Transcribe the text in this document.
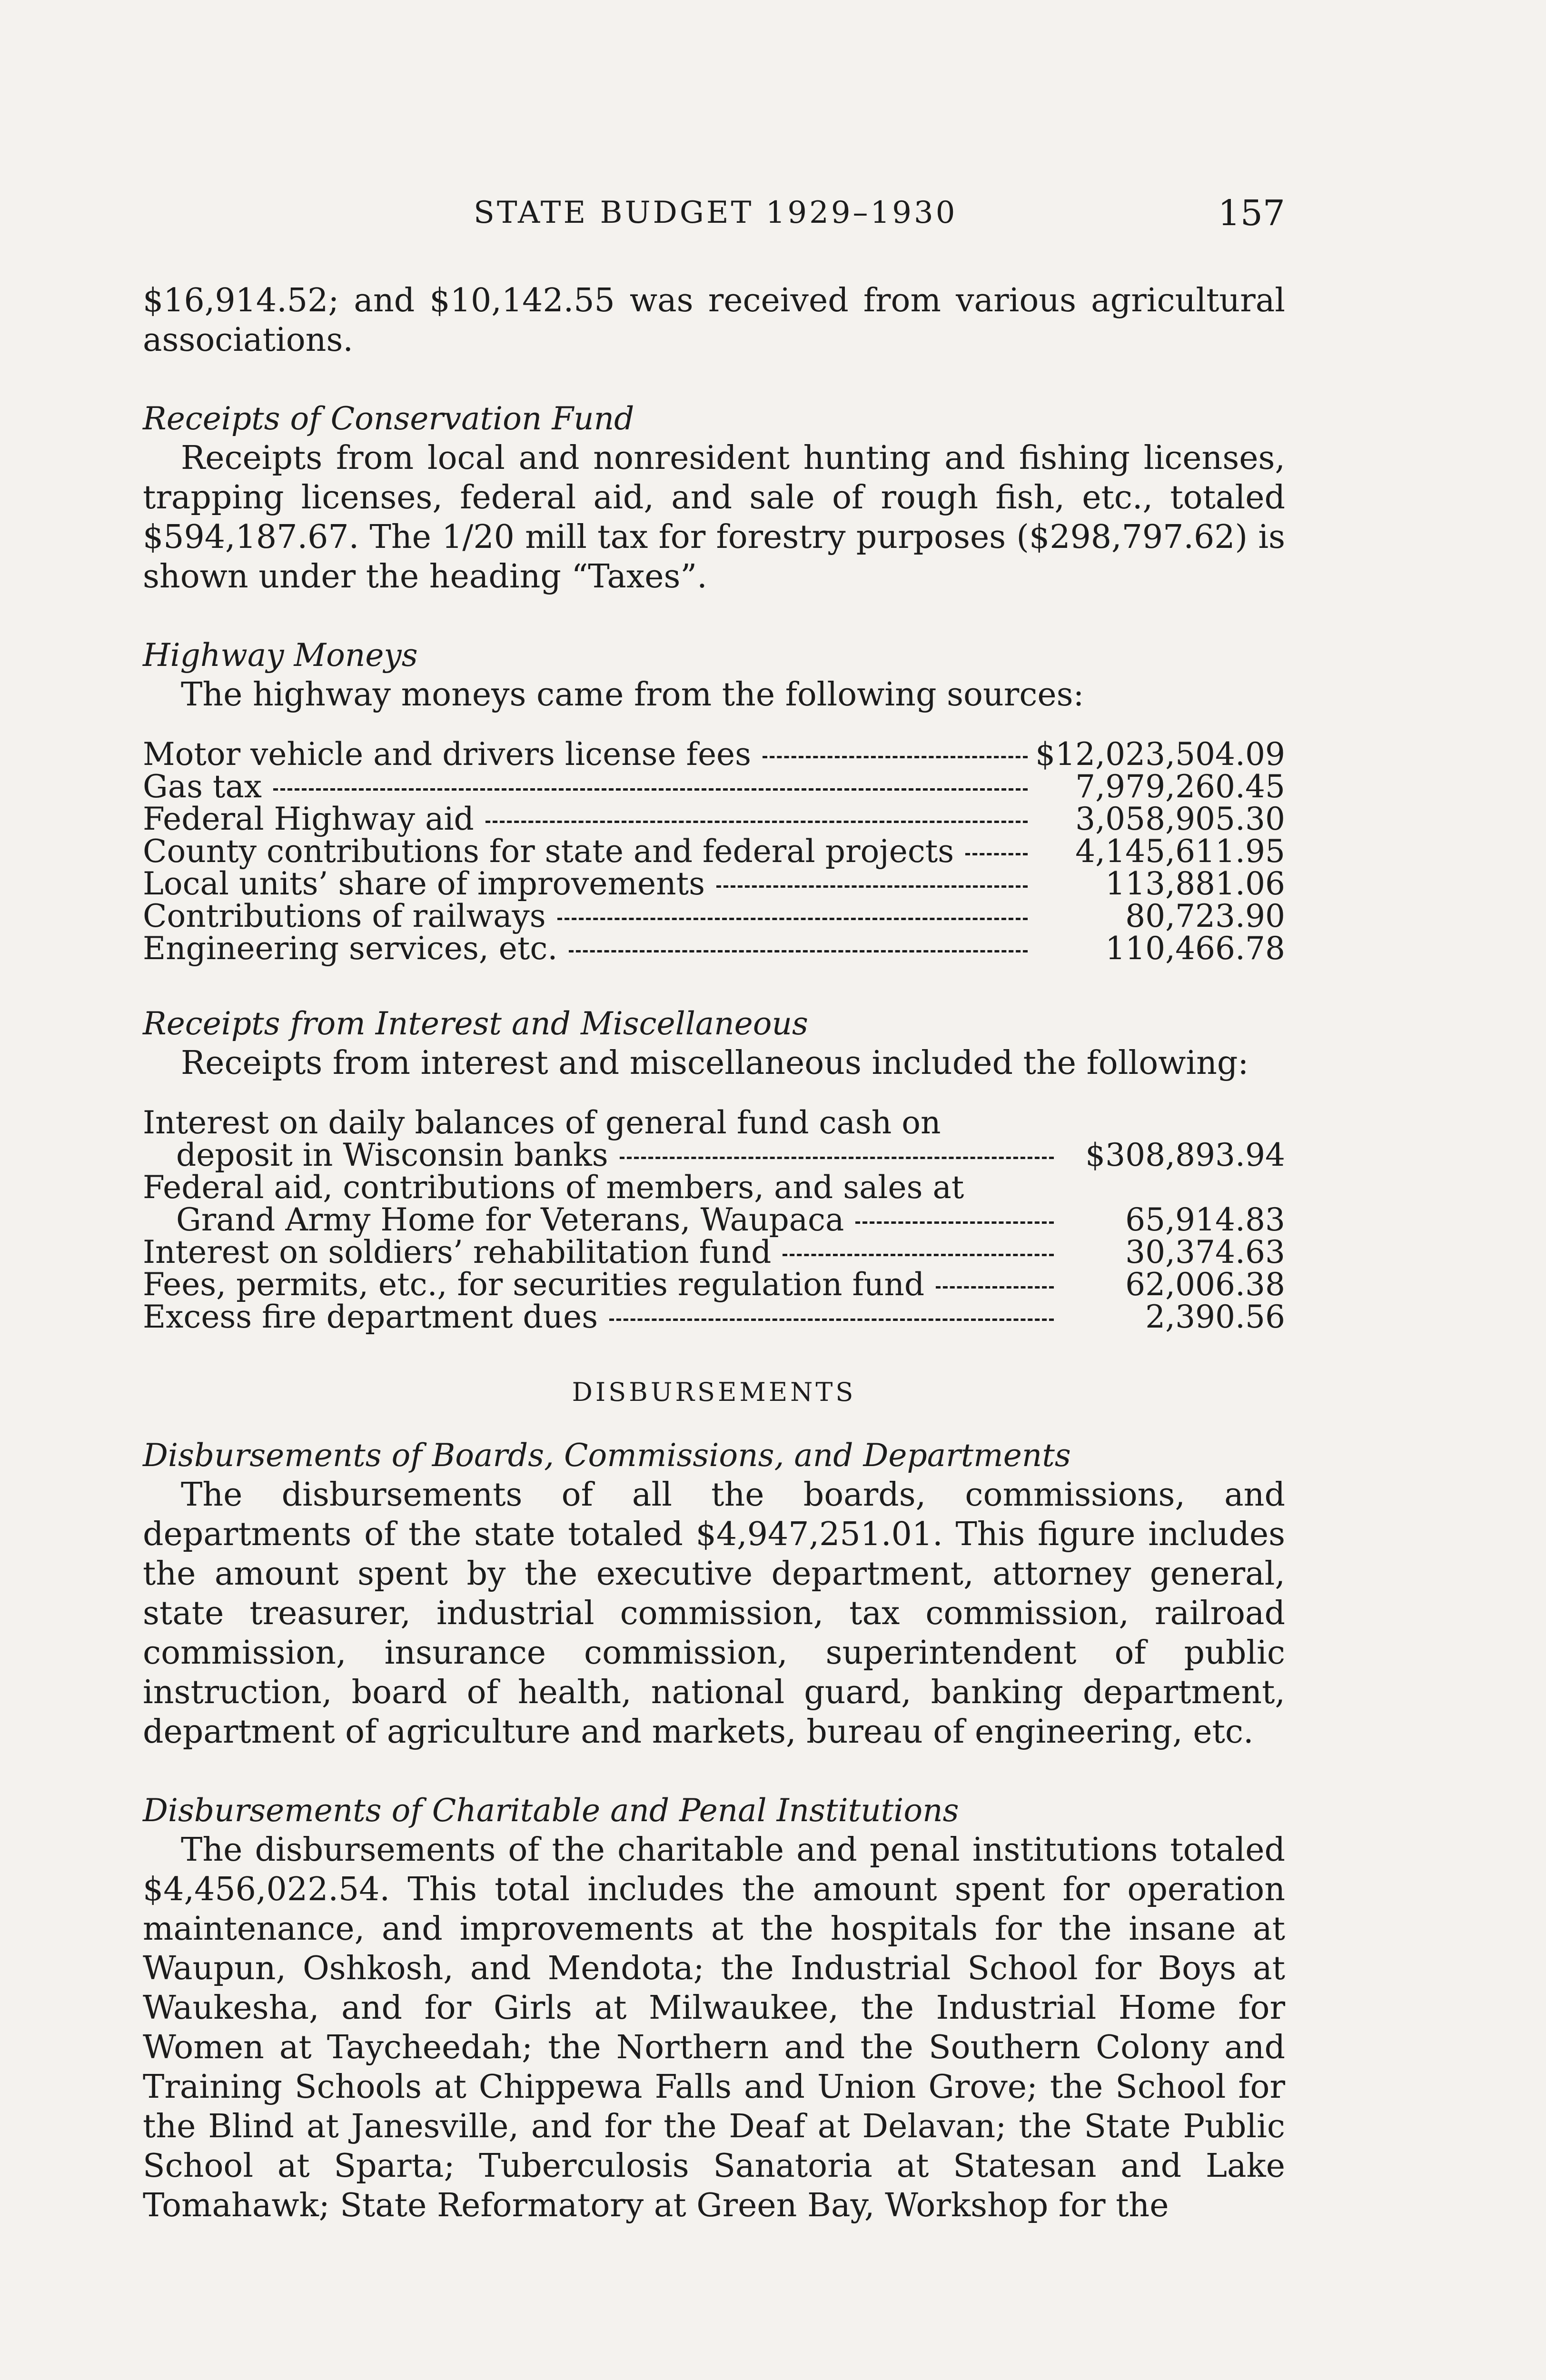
STATE BUDGET 1929–1930	157

$16,914.52; and $10,142.55 was received from various agricultural associations.

Receipts of Conservation Fund

Receipts from local and nonresident hunting and fishing licenses, trapping licenses, federal aid, and sale of rough fish, etc., totaled $594,187.67. The 1/20 mill tax for forestry purposes ($298,797.62) is shown under the heading “Taxes”.

Highway Moneys

The highway moneys came from the following sources:

Motor vehicle and drivers license fees	$12,023,504.09
Gas tax	7,979,260.45
Federal Highway aid	3,058,905.30
County contributions for state and federal projects	4,145,611.95
Local units’ share of improvements	113,881.06
Contributions of railways	80,723.90
Engineering services, etc.	110,466.78
Receipts from Interest and Miscellaneous

Receipts from interest and miscellaneous included the following:

Interest on daily balances of general fund cash on	
deposit in Wisconsin banks	$308,893.94
Federal aid, contributions of members, and sales at	
Grand Army Home for Veterans, Waupaca	65,914.83
Interest on soldiers’ rehabilitation fund	30,374.63
Fees, permits, etc., for securities regulation fund	62,006.38
Excess fire department dues	2,390.56
DISBURSEMENTS
Disbursements of Boards, Commissions, and Departments

The disbursements of all the boards, commissions, and departments of the state totaled $4,947,251.01. This figure includes the amount spent by the executive department, attorney general, state treasurer, industrial commission, tax commission, railroad commission, insurance commission, superintendent of public instruction, board of health, national guard, banking department, department of agriculture and markets, bureau of engineering, etc.

Disbursements of Charitable and Penal Institutions

The disbursements of the charitable and penal institutions totaled $4,456,022.54. This total includes the amount spent for operation maintenance, and improvements at the hospitals for the insane at Waupun, Oshkosh, and Mendota; the Industrial School for Boys at Waukesha, and for Girls at Milwaukee, the Industrial Home for Women at Taycheedah; the Northern and the Southern Colony and Training Schools at Chippewa Falls and Union Grove; the School for the Blind at Janesville, and for the Deaf at Delavan; the State Public School at Sparta; Tuberculosis Sanatoria at Statesan and Lake Tomahawk; State Reformatory at Green Bay, Workshop for the
